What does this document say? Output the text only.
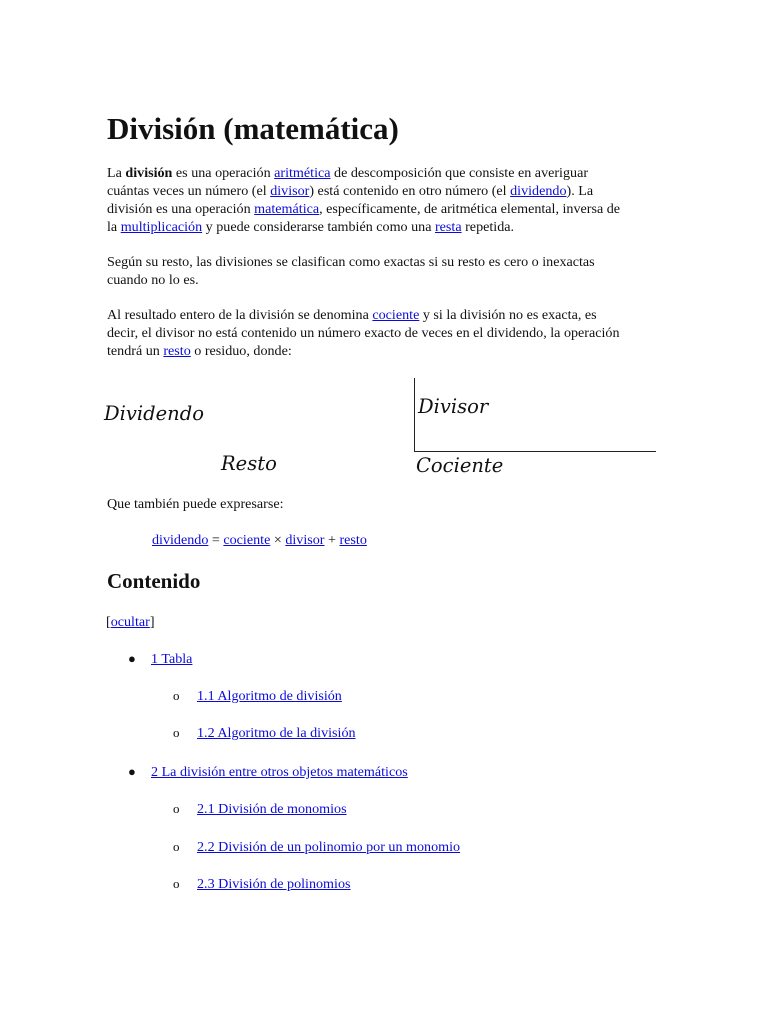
División (matemática)

La división es una operación aritmética de descomposición que consiste en averiguar
cuántas veces un número (el divisor) está contenido en otro número (el dividendo). La
división es una operación matemática, específicamente, de aritmética elemental, inversa de
la multiplicación y puede considerarse también como una resta repetida.

Según su resto, las divisiones se clasifican como exactas si su resto es cero o inexactas
cuando no lo es.

Al resultado entero de la división se denomina cociente y si la división no es exacta, es
decir, el divisor no está contenido un número exacto de veces en el dividendo, la operación
tendrá un resto o residuo, donde:

Dividendo
Resto
Divisor
Cociente
Que también puede expresarse:
dividendo = cociente × divisor + resto
Contenido
[ocultar]
● 1 Tabla
o 1.1 Algoritmo de división
o 1.2 Algoritmo de la división
● 2 La división entre otros objetos matemáticos
o 2.1 División de monomios
o 2.2 División de un polinomio por un monomio
o 2.3 División de polinomios
